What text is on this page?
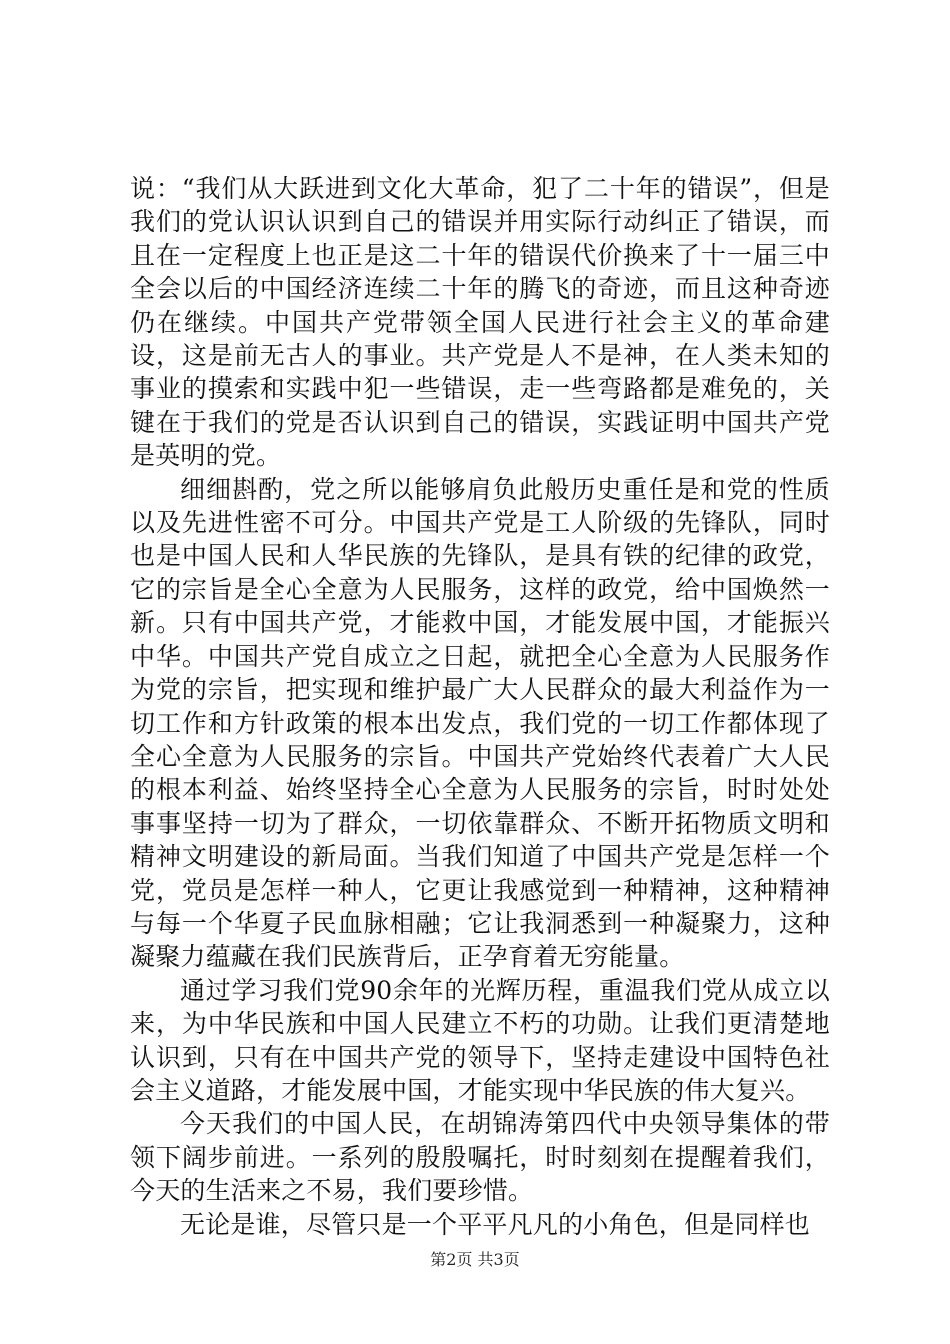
说：“我们从大跃进到文化大革命，犯了二十年的错误”，但是我们的党认识认识到自己的错误并用实际行动纠正了错误，而且在一定程度上也正是这二十年的错误代价换来了十一届三中全会以后的中国经济连续二十年的腾飞的奇迹，而且这种奇迹仍在继续。中国共产党带领全国人民进行社会主义的革命建设，这是前无古人的事业。共产党是人不是神，在人类未知的事业的摸索和实践中犯一些错误，走一些弯路都是难免的，关键在于我们的党是否认识到自己的错误，实践证明中国共产党是英明的党。

细细斟酌，党之所以能够肩负此般历史重任是和党的性质以及先进性密不可分。中国共产党是工人阶级的先锋队，同时也是中国人民和人华民族的先锋队，是具有铁的纪律的政党，它的宗旨是全心全意为人民服务，这样的政党，给中国焕然一新。只有中国共产党，才能救中国，才能发展中国，才能振兴中华。中国共产党自成立之日起，就把全心全意为人民服务作为党的宗旨，把实现和维护最广大人民群众的最大利益作为一切工作和方针政策的根本出发点，我们党的一切工作都体现了全心全意为人民服务的宗旨。中国共产党始终代表着广大人民的根本利益、始终坚持全心全意为人民服务的宗旨，时时处处事事坚持一切为了群众，一切依靠群众、不断开拓物质文明和精神文明建设的新局面。当我们知道了中国共产党是怎样一个党，党员是怎样一种人，它更让我感觉到一种精神，这种精神与每一个华夏子民血脉相融；它让我洞悉到一种凝聚力，这种凝聚力蕴藏在我们民族背后，正孕育着无穷能量。

通过学习我们党90余年的光辉历程，重温我们党从成立以来，为中华民族和中国人民建立不朽的功勋。让我们更清楚地认识到，只有在中国共产党的领导下，坚持走建设中国特色社会主义道路，才能发展中国，才能实现中华民族的伟大复兴。

今天我们的中国人民，在胡锦涛第四代中央领导集体的带领下阔步前进。一系列的殷殷嘱托，时时刻刻在提醒着我们，今天的生活来之不易，我们要珍惜。

无论是谁，尽管只是一个平平凡凡的小角色，但是同样也

第2页 共3页
